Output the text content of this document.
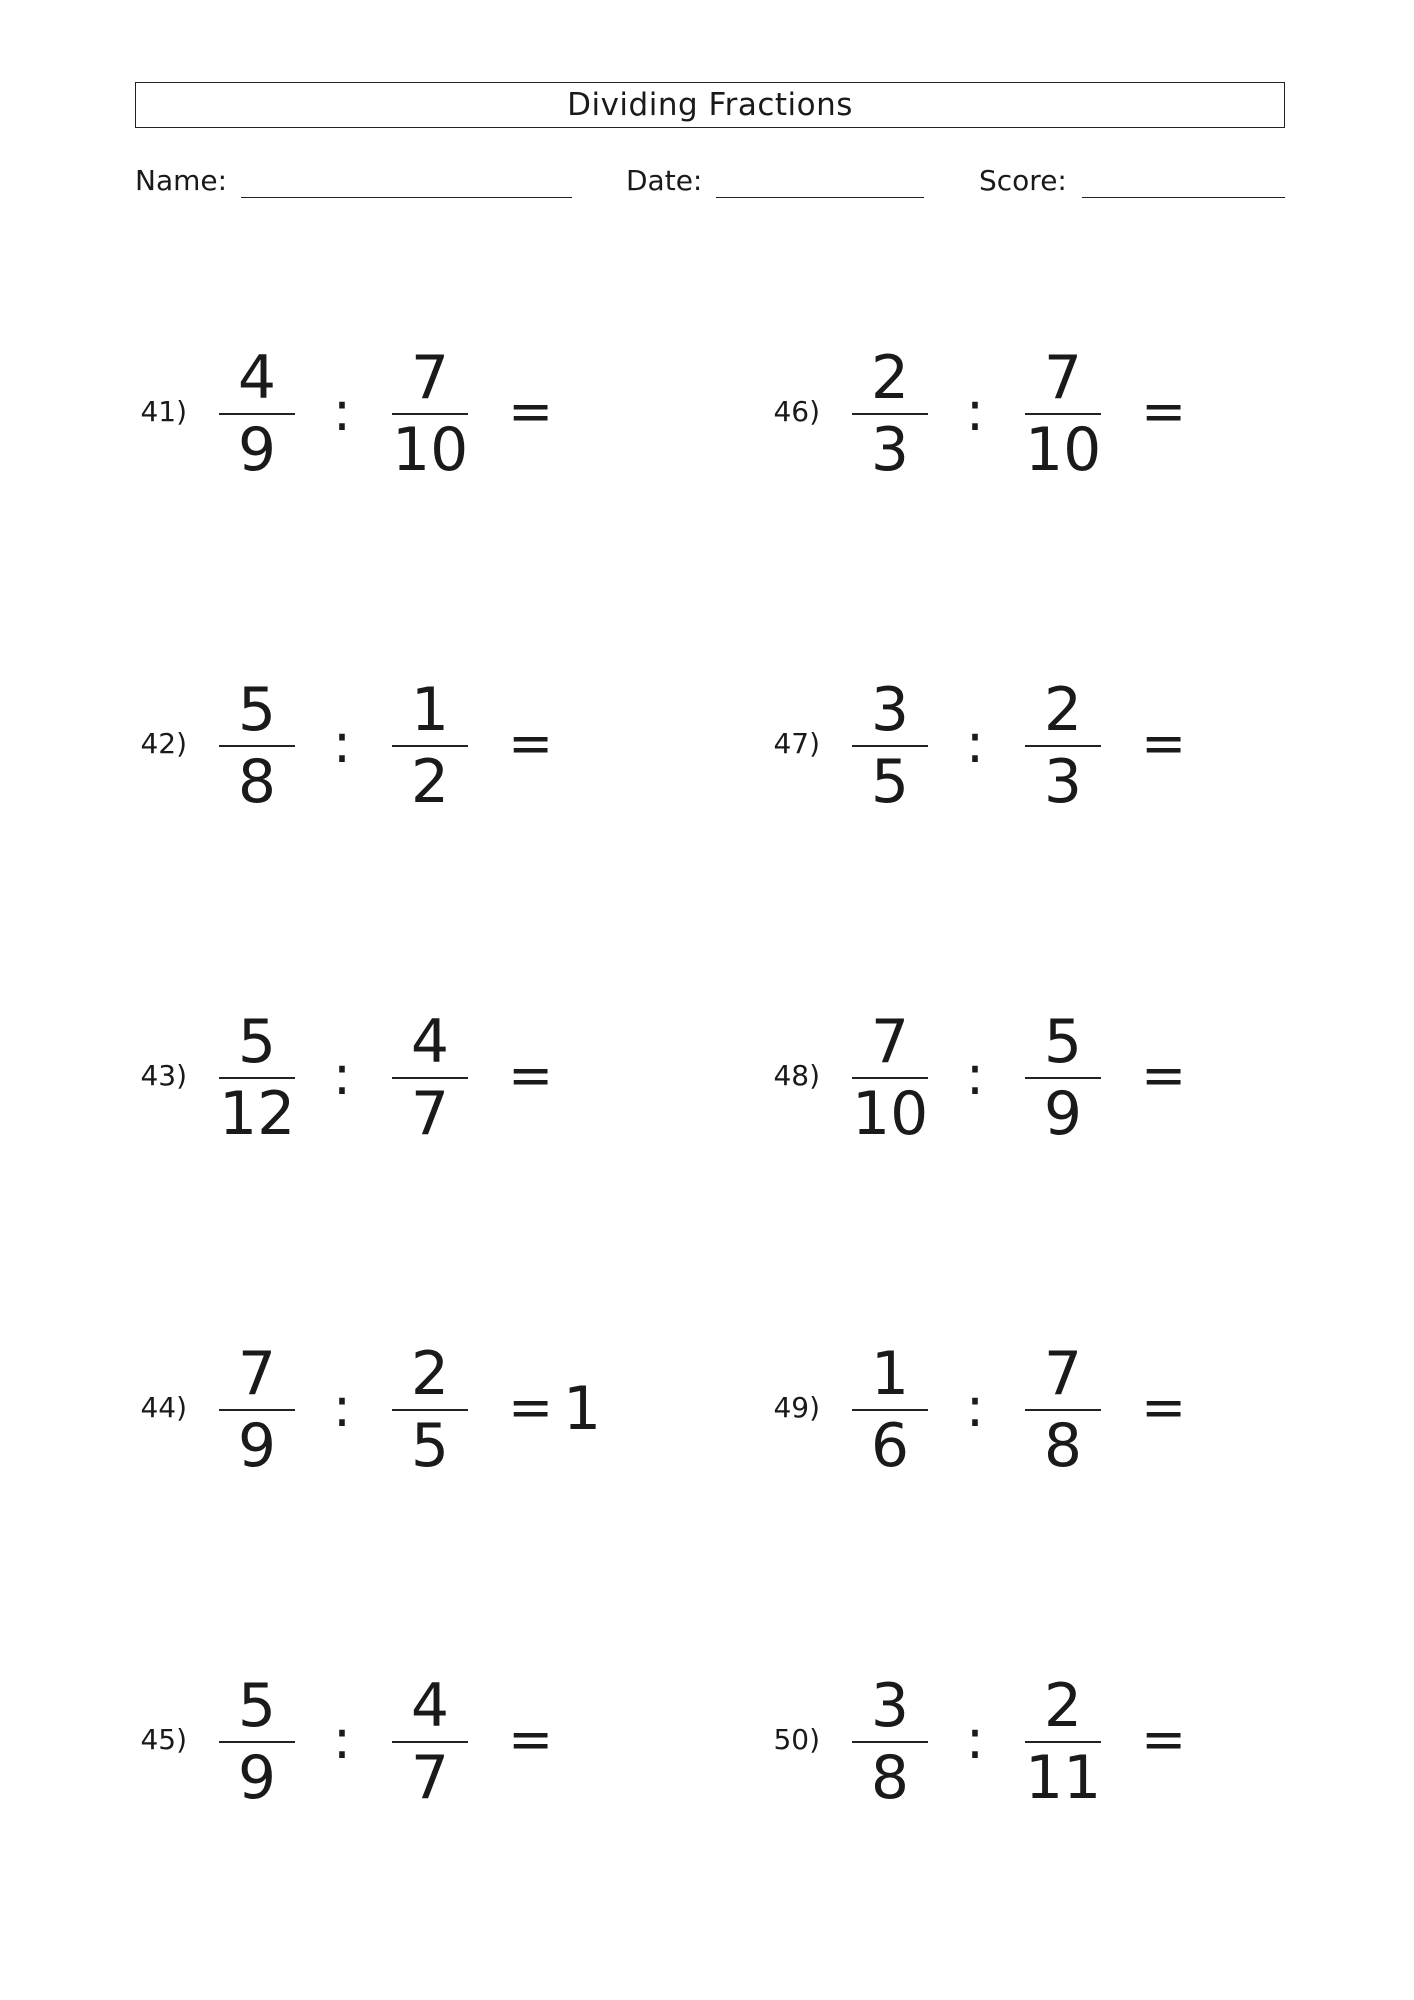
Dividing Fractions
Name:	Date:	Score:
41) 4
9
: 7
10
=
42) 5
8
: 1
2
=
43) 5
12
: 4
7
=
44) 7
9
: 2
5
= 1
45) 5
9
: 4
7
=
46) 2
3
: 7
10
=
47) 3
5
: 2
3
=
48) 7
10
: 5
9
=
49) 1
6
: 7
8
=
50) 3
8
: 2
11
=
